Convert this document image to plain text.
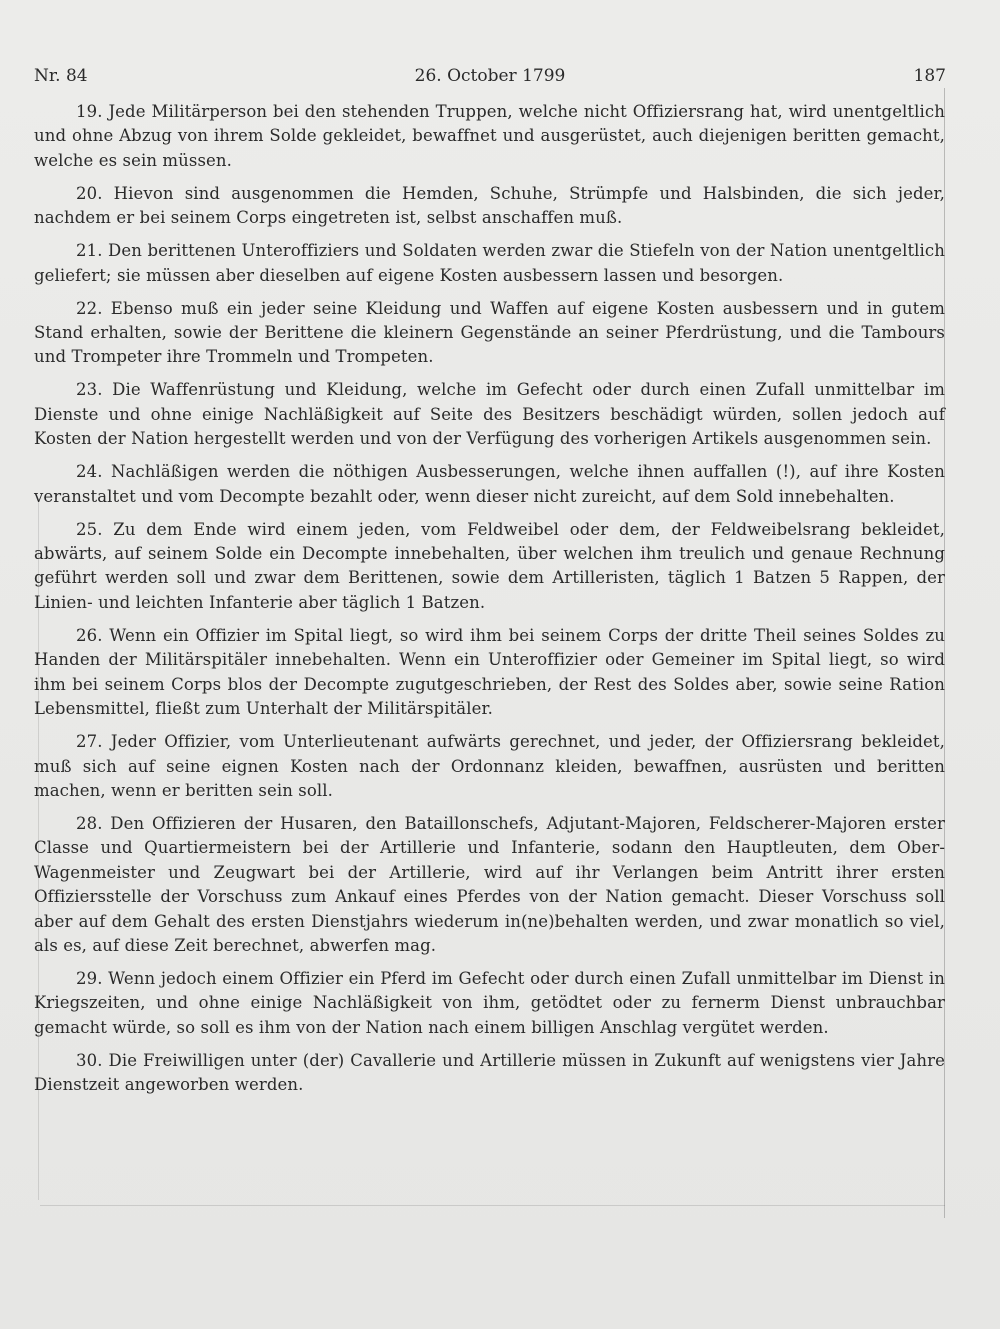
Nr. 84	26. October 1799	187

19. Jede Militärperson bei den stehenden Truppen, welche nicht Offiziersrang hat, wird unentgeltlich und ohne Abzug von ihrem Solde gekleidet, bewaffnet und ausgerüstet, auch diejenigen beritten gemacht, welche es sein müssen.

20. Hievon sind ausgenommen die Hemden, Schuhe, Strümpfe und Halsbinden, die sich jeder, nachdem er bei seinem Corps eingetreten ist, selbst anschaffen muß.

21. Den berittenen Unteroffiziers und Soldaten werden zwar die Stiefeln von der Nation unentgeltlich geliefert; sie müssen aber dieselben auf eigene Kosten ausbessern lassen und besorgen.

22. Ebenso muß ein jeder seine Kleidung und Waffen auf eigene Kosten ausbessern und in gutem Stand erhalten, sowie der Berittene die kleinern Gegenstände an seiner Pferdrüstung, und die Tambours und Trompeter ihre Trommeln und Trompeten.

23. Die Waffenrüstung und Kleidung, welche im Gefecht oder durch einen Zufall unmittelbar im Dienste und ohne einige Nachläßigkeit auf Seite des Besitzers beschädigt würden, sollen jedoch auf Kosten der Nation hergestellt werden und von der Verfügung des vorherigen Artikels ausgenommen sein.

24. Nachläßigen werden die nöthigen Ausbesserungen, welche ihnen auffallen (!), auf ihre Kosten veranstaltet und vom Decompte bezahlt oder, wenn dieser nicht zureicht, auf dem Sold innebehalten.

25. Zu dem Ende wird einem jeden, vom Feldweibel oder dem, der Feldweibelsrang bekleidet, abwärts, auf seinem Solde ein Decompte innebehalten, über welchen ihm treulich und genaue Rechnung geführt werden soll und zwar dem Berittenen, sowie dem Artilleristen, täglich 1 Batzen 5 Rappen, der Linien- und leichten Infanterie aber täglich 1 Batzen.

26. Wenn ein Offizier im Spital liegt, so wird ihm bei seinem Corps der dritte Theil seines Soldes zu Handen der Militärspitäler innebehalten. Wenn ein Unteroffizier oder Gemeiner im Spital liegt, so wird ihm bei seinem Corps blos der Decompte zugutgeschrieben, der Rest des Soldes aber, sowie seine Ration Lebensmittel, fließt zum Unterhalt der Militärspitäler.

27. Jeder Offizier, vom Unterlieutenant aufwärts gerechnet, und jeder, der Offiziersrang bekleidet, muß sich auf seine eignen Kosten nach der Ordonnanz kleiden, bewaffnen, ausrüsten und beritten machen, wenn er beritten sein soll.

28. Den Offizieren der Husaren, den Bataillonschefs, Adjutant-Majoren, Feldscherer-Majoren erster Classe und Quartiermeistern bei der Artillerie und Infanterie, sodann den Hauptleuten, dem Ober-Wagenmeister und Zeugwart bei der Artillerie, wird auf ihr Verlangen beim Antritt ihrer ersten Offiziersstelle der Vorschuss zum Ankauf eines Pferdes von der Nation gemacht. Dieser Vorschuss soll aber auf dem Gehalt des ersten Dienstjahrs wiederum in(ne)behalten werden, und zwar monatlich so viel, als es, auf diese Zeit berechnet, abwerfen mag.

29. Wenn jedoch einem Offizier ein Pferd im Gefecht oder durch einen Zufall unmittelbar im Dienst in Kriegszeiten, und ohne einige Nachläßigkeit von ihm, getödtet oder zu fernerm Dienst unbrauchbar gemacht würde, so soll es ihm von der Nation nach einem billigen Anschlag vergütet werden.

30. Die Freiwilligen unter (der) Cavallerie und Artillerie müssen in Zukunft auf wenigstens vier Jahre Dienstzeit angeworben werden.
